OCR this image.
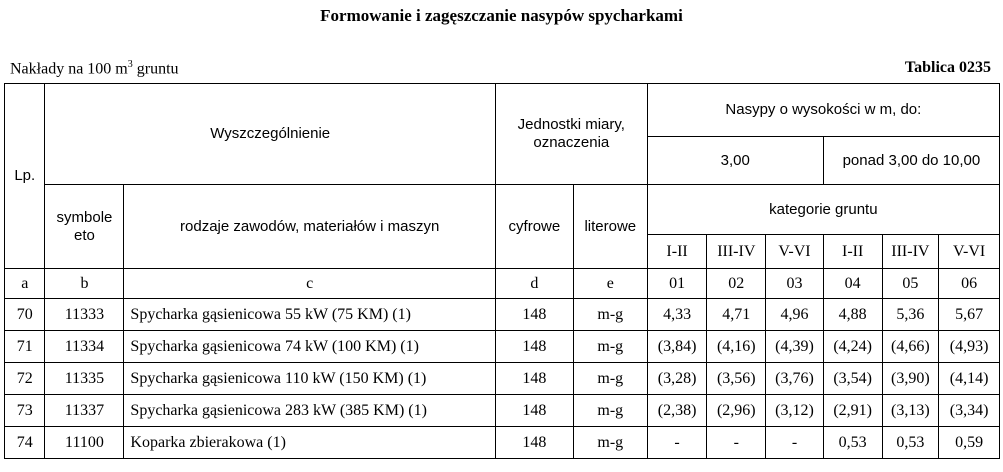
Formowanie i zagęszczanie nasypów spycharkami
Nakłady na 100 $m^3$ gruntu	Tablica 0235
Lp.	Wyszczególnienie		Jednostki miary, oznaczenia		Nasypy o wysokości w m, do:					
					3,00			ponad 3,00 do 10,00		
	symbole eto	rodzaje zawodów, materiałów i maszyn	cyfrowe	literowe	kategorie gruntu					
					I-II	III-IV	V-VI	I-II	III-IV	V-VI
a	b	c	d	e	01	02	03	04	05	06
70	11333	Spycharka gąsienicowa 55 kW (75 KM) (1)	148	m-g	4,33	4,71	4,96	4,88	5,36	5,67
71	11334	Spycharka gąsienicowa 74 kW (100 KM) (1)	148	m-g	(3,84)	(4,16)	(4,39)	(4,24)	(4,66)	(4,93)
72	11335	Spycharka gąsienicowa 110 kW (150 KM) (1)	148	m-g	(3,28)	(3,56)	(3,76)	(3,54)	(3,90)	(4,14)
73	11337	Spycharka gąsienicowa 283 kW (385 KM) (1)	148	m-g	(2,38)	(2,96)	(3,12)	(2,91)	(3,13)	(3,34)
74	11100	Koparka zbierakowa (1)	148	m-g	-	-	-	0,53	0,53	0,59
